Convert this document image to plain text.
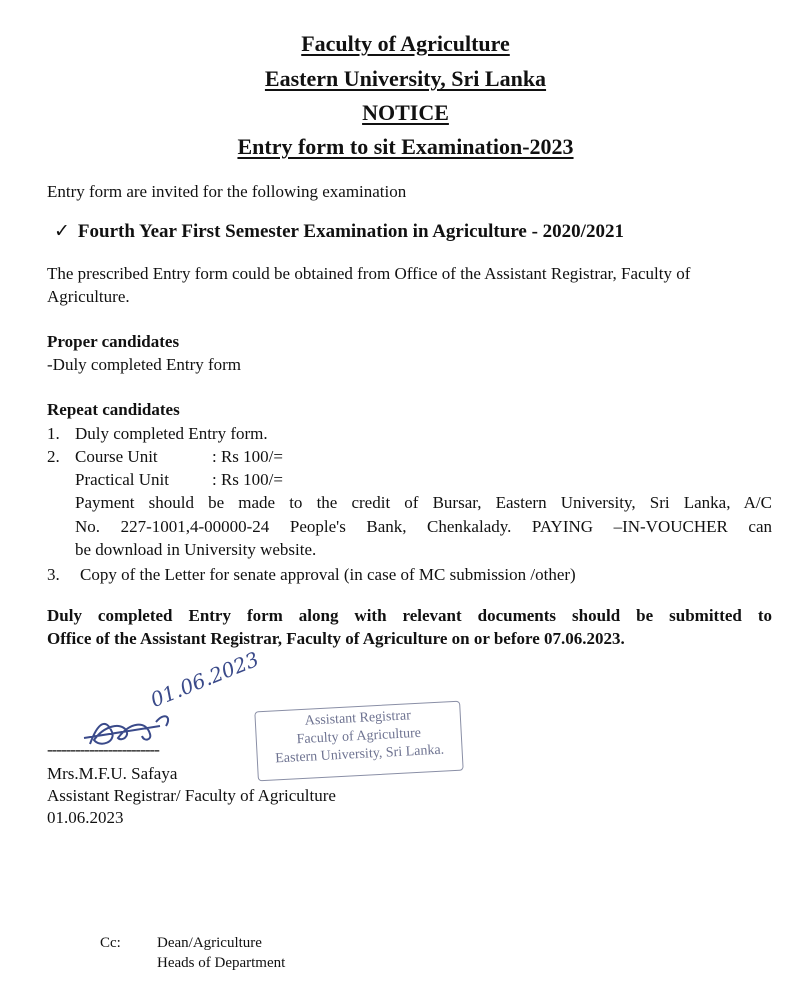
Faculty of Agriculture
Eastern University, Sri Lanka
NOTICE
Entry form to sit Examination-2023
Entry form are invited for the following examination
✓ Fourth Year First Semester Examination in Agriculture - 2020/2021
The prescribed Entry form could be obtained from Office of the Assistant Registrar, Faculty of
Agriculture.
Proper candidates
-Duly completed Entry form
Repeat candidates
1. Duly completed Entry form.
2. Course Unit	: Rs 100/=
Practical Unit	: Rs 100/=
Payment should be made to the credit of Bursar, Eastern University, Sri Lanka, A/C
No. 227-1001,4-00000-24 People's Bank, Chenkalady. PAYING –IN-VOUCHER can
be download in University website.
3. Copy of the Letter for senate approval (in case of MC submission /other)
Duly completed Entry form along with relevant documents should be submitted to
Office of the Assistant Registrar, Faculty of Agriculture on or before 07.06.2023.
01.06.2023
------------------------
Assistant Registrar
Faculty of Agriculture
Eastern University, Sri Lanka.
Mrs.M.F.U. Safaya
Assistant Registrar/ Faculty of Agriculture
01.06.2023
Cc: Dean/Agriculture
Heads of Department
